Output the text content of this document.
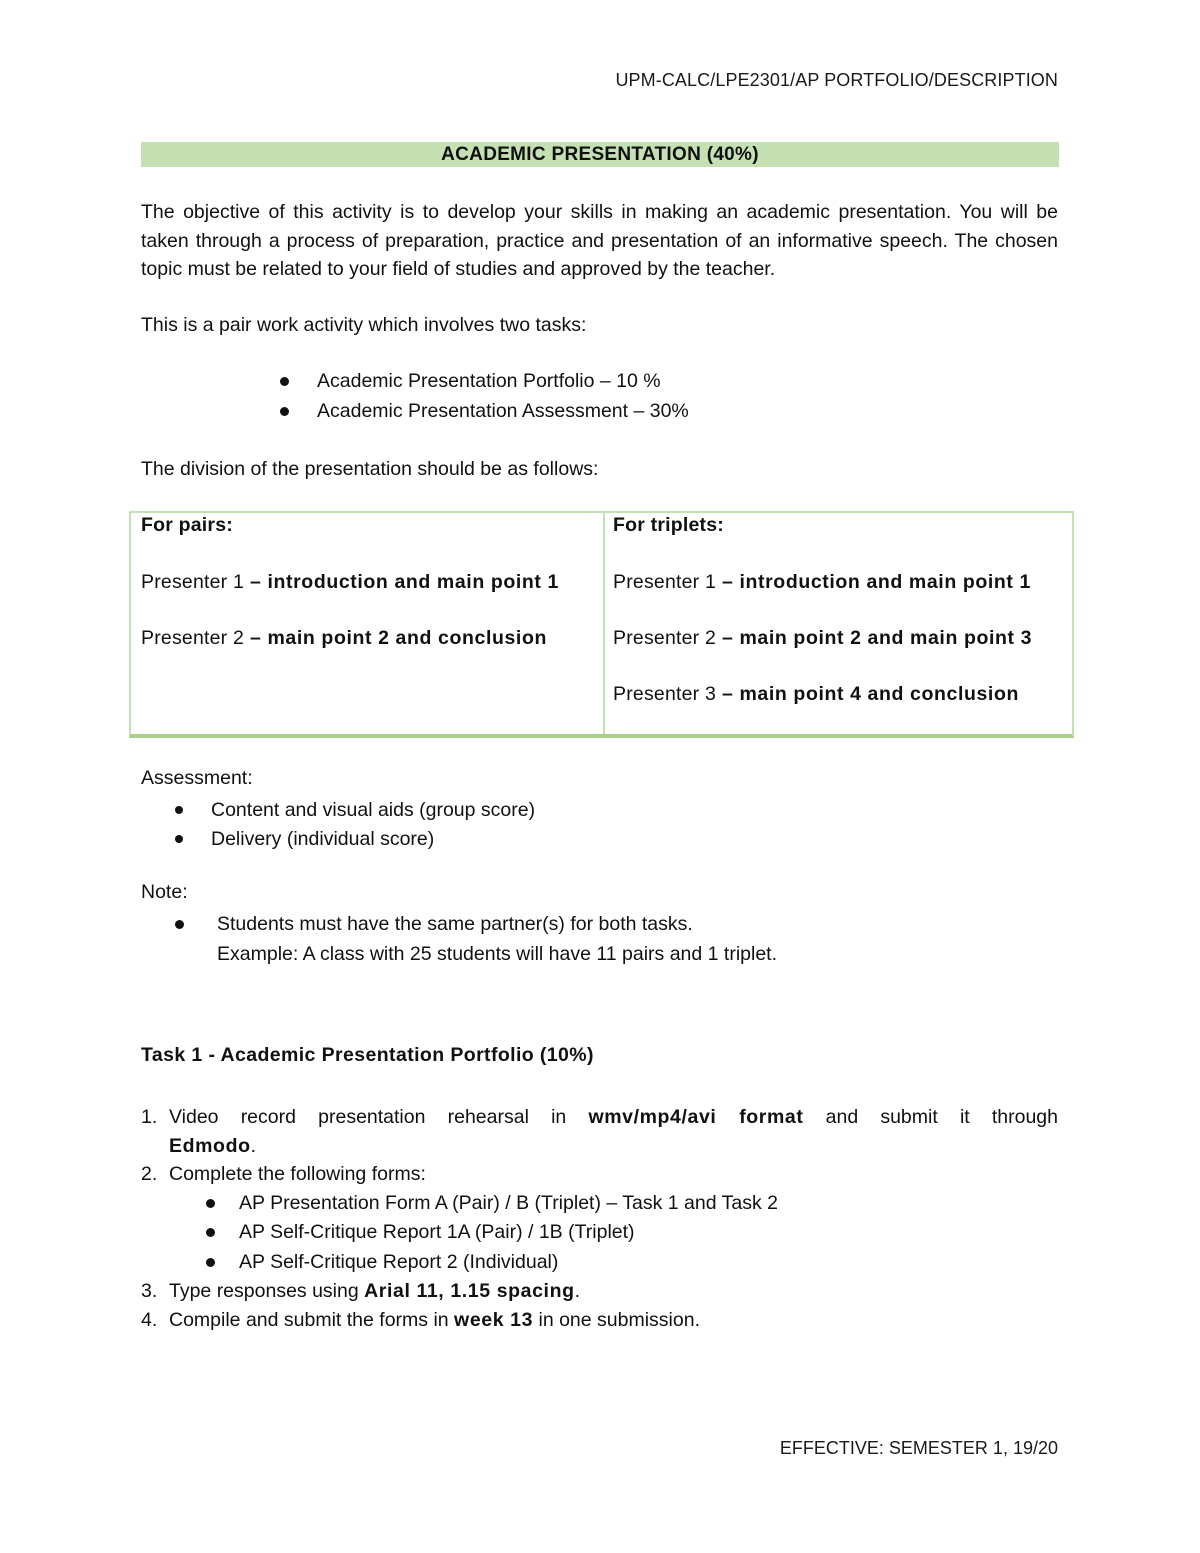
UPM-CALC/LPE2301/AP PORTFOLIO/DESCRIPTION
ACADEMIC PRESENTATION (40%)
The objective of this activity is to develop your skills in making an academic presentation. You will be taken through a process of preparation, practice and presentation of an informative speech. The chosen topic must be related to your field of studies and approved by the teacher.
This is a pair work activity which involves two tasks:
Academic Presentation Portfolio – 10 %
Academic Presentation Assessment – 30%
The division of the presentation should be as follows:
For pairs:
Presenter 1 – introduction and main point 1
Presenter 2 – main point 2 and conclusion
For triplets:
Presenter 1 – introduction and main point 1
Presenter 2 – main point 2 and main point 3
Presenter 3 – main point 4 and conclusion
Assessment:
Content and visual aids (group score)
Delivery (individual score)
Note:
Students must have the same partner(s) for both tasks.
Example: A class with 25 students will have 11 pairs and 1 triplet.
Task 1 - Academic Presentation Portfolio (10%)
1. Video record presentation rehearsal in wmv/mp4/avi format and submit it through
Edmodo.
2. Complete the following forms:
AP Presentation Form A (Pair) / B (Triplet) – Task 1 and Task 2
AP Self-Critique Report 1A (Pair) / 1B (Triplet)
AP Self-Critique Report 2 (Individual)
3. Type responses using Arial 11, 1.15 spacing.
4. Compile and submit the forms in week 13 in one submission.
EFFECTIVE: SEMESTER 1, 19/20
